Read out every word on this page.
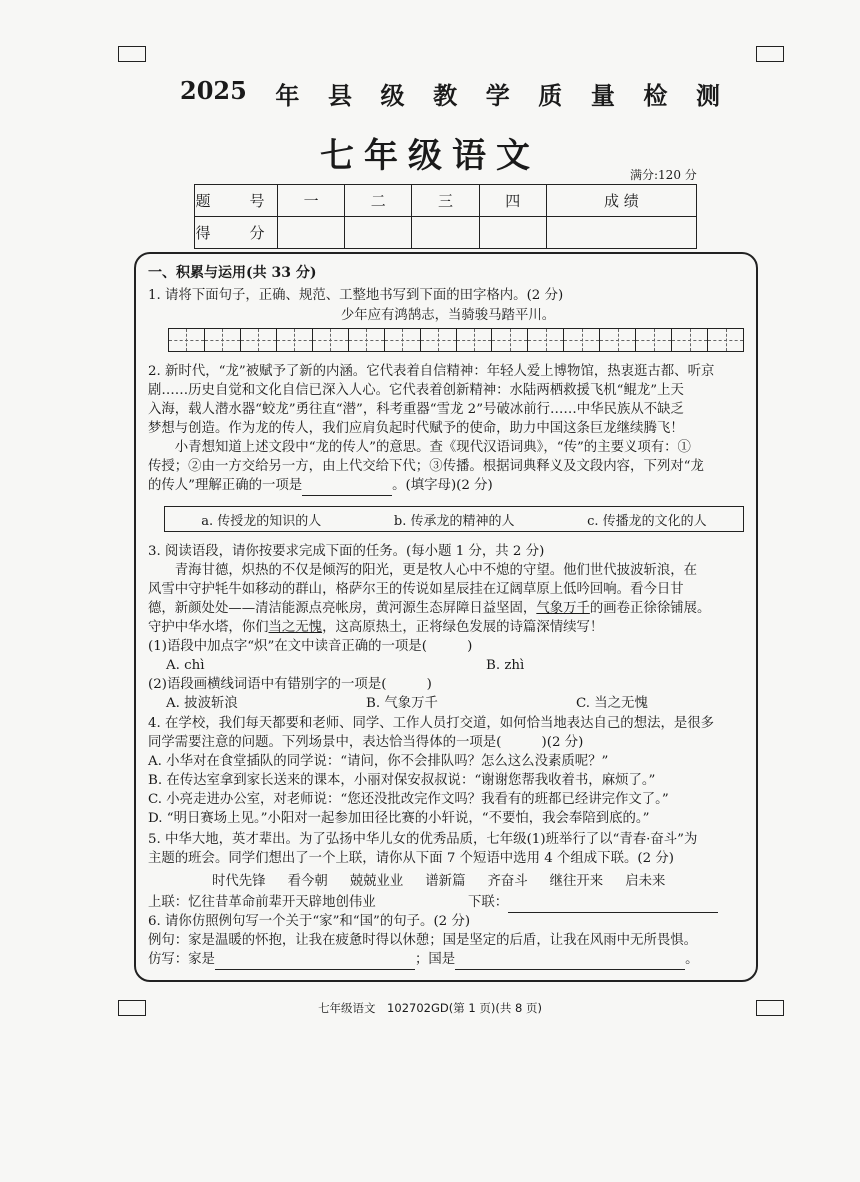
2025 年 县 级 教 学 质 量 检 测
七年级语文	满分:120 分
题　号	一	二	三	四	成 绩
得　分					
一、积累与运用(共 33 分)
1. 请将下面句子，正确、规范、工整地书写到下面的田字格内。(2 分)
少年应有鸿鹄志，当骑骏马踏平川。
2. 新时代，“龙”被赋予了新的内涵。它代表着自信精神：年轻人爱上博物馆，热衷逛古都、听京
剧……历史自觉和文化自信已深入人心。它代表着创新精神：水陆两栖救援飞机“鲲龙”上天
入海，载人潜水器“蛟龙”勇往直“潜”，科考重器“雪龙 2”号破冰前行……中华民族从不缺乏
梦想与创造。作为龙的传人，我们应肩负起时代赋予的使命，助力中国这条巨龙继续腾飞！
小青想知道上述文段中“龙的传人”的意思。查《现代汉语词典》，“传”的主要义项有：①
传授；②由一方交给另一方，由上代交给下代；③传播。根据词典释义及文段内容，下列对“龙
的传人”理解正确的一项是	。(填字母)(2 分)
a. 传授龙的知识的人	b. 传承龙的精神的人	c. 传播龙的文化的人
3. 阅读语段，请你按要求完成下面的任务。(每小题 1 分，共 2 分)
青海甘德，炽热的不仅是倾泻的阳光，更是牧人心中不熄的守望。他们世代披波斩浪，在
风雪中守护牦牛如移动的群山，格萨尔王的传说如星辰挂在辽阔草原上低吟回响。看今日甘
德，新颜处处——清洁能源点亮帐房，黄河源生态屏障日益坚固，气象万千的画卷正徐徐铺展。
守护中华水塔，你们当之无愧，这高原热土，正将绿色发展的诗篇深情续写！
(1)语段中加点字“炽”在文中读音正确的一项是(　　　)
A. chì	B. zhì
(2)语段画横线词语中有错别字的一项是(　　　)
A. 披波斩浪	B. 气象万千	C. 当之无愧
4. 在学校，我们每天都要和老师、同学、工作人员打交道，如何恰当地表达自己的想法，是很多
同学需要注意的问题。下列场景中，表达恰当得体的一项是(　　　)(2 分)
A. 小华对在食堂插队的同学说：“请问，你不会排队吗？怎么这么没素质呢？”
B. 在传达室拿到家长送来的课本，小丽对保安叔叔说：“谢谢您帮我收着书，麻烦了。”
C. 小亮走进办公室，对老师说：“您还没批改完作文吗？我看有的班都已经讲完作文了。”
D. “明日赛场上见。”小阳对一起参加田径比赛的小轩说，“不要怕，我会奉陪到底的。”
5. 中华大地，英才辈出。为了弘扬中华儿女的优秀品质，七年级(1)班举行了以“青春·奋斗”为
主题的班会。同学们想出了一个上联，请你从下面 7 个短语中选用 4 个组成下联。(2 分)
时代先锋 看今朝 兢兢业业 谱新篇 齐奋斗 继往开来 启未来
上联：忆往昔革命前辈开天辟地创伟业	下联：
6. 请你仿照例句写一个关于“家”和“国”的句子。(2 分)
例句：家是温暖的怀抱，让我在疲惫时得以休憩；国是坚定的后盾，让我在风雨中无所畏惧。
仿写：家是	；国是	。
七年级语文　102702GD(第 1 页)(共 8 页)
